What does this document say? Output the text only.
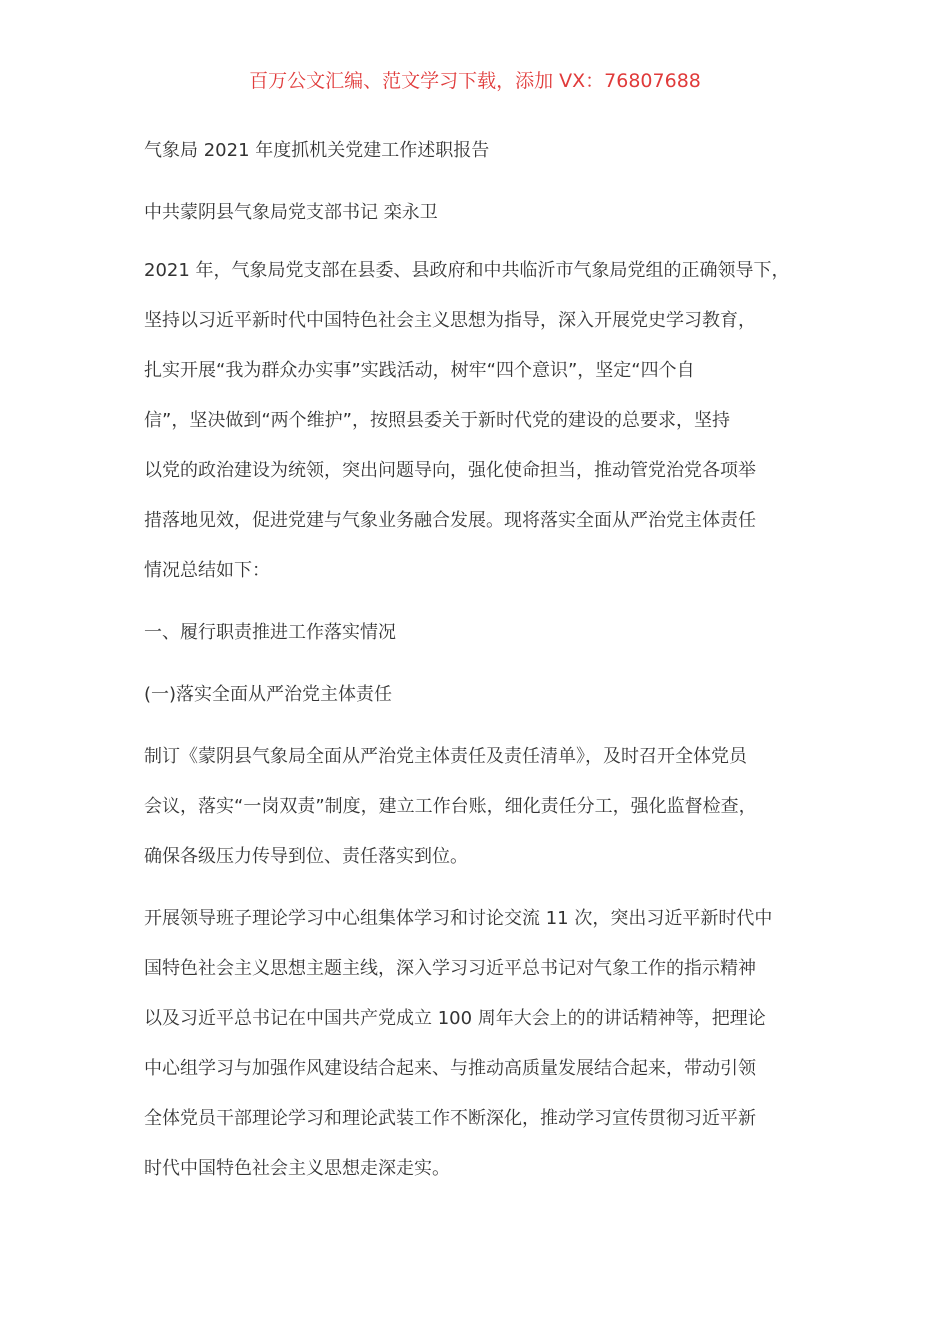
百万公文汇编、范文学习下载，添加 VX：76807688
气象局 2021 年度抓机关党建工作述职报告
中共蒙阴县气象局党支部书记 栾永卫
2021 年，气象局党支部在县委、县政府和中共临沂市气象局党组的正确领导下，
坚持以习近平新时代中国特色社会主义思想为指导，深入开展党史学习教育，
扎实开展“我为群众办实事”实践活动，树牢“四个意识”，坚定“四个自
信”，坚决做到“两个维护”，按照县委关于新时代党的建设的总要求，坚持
以党的政治建设为统领，突出问题导向，强化使命担当，推动管党治党各项举
措落地见效，促进党建与气象业务融合发展。现将落实全面从严治党主体责任
情况总结如下：
一、履行职责推进工作落实情况
(一)落实全面从严治党主体责任
制订《蒙阴县气象局全面从严治党主体责任及责任清单》，及时召开全体党员
会议，落实“一岗双责”制度，建立工作台账，细化责任分工，强化监督检查，
确保各级压力传导到位、责任落实到位。
开展领导班子理论学习中心组集体学习和讨论交流 11 次，突出习近平新时代中
国特色社会主义思想主题主线，深入学习习近平总书记对气象工作的指示精神
以及习近平总书记在中国共产党成立 100 周年大会上的的讲话精神等，把理论
中心组学习与加强作风建设结合起来、与推动高质量发展结合起来，带动引领
全体党员干部理论学习和理论武装工作不断深化，推动学习宣传贯彻习近平新
时代中国特色社会主义思想走深走实。
